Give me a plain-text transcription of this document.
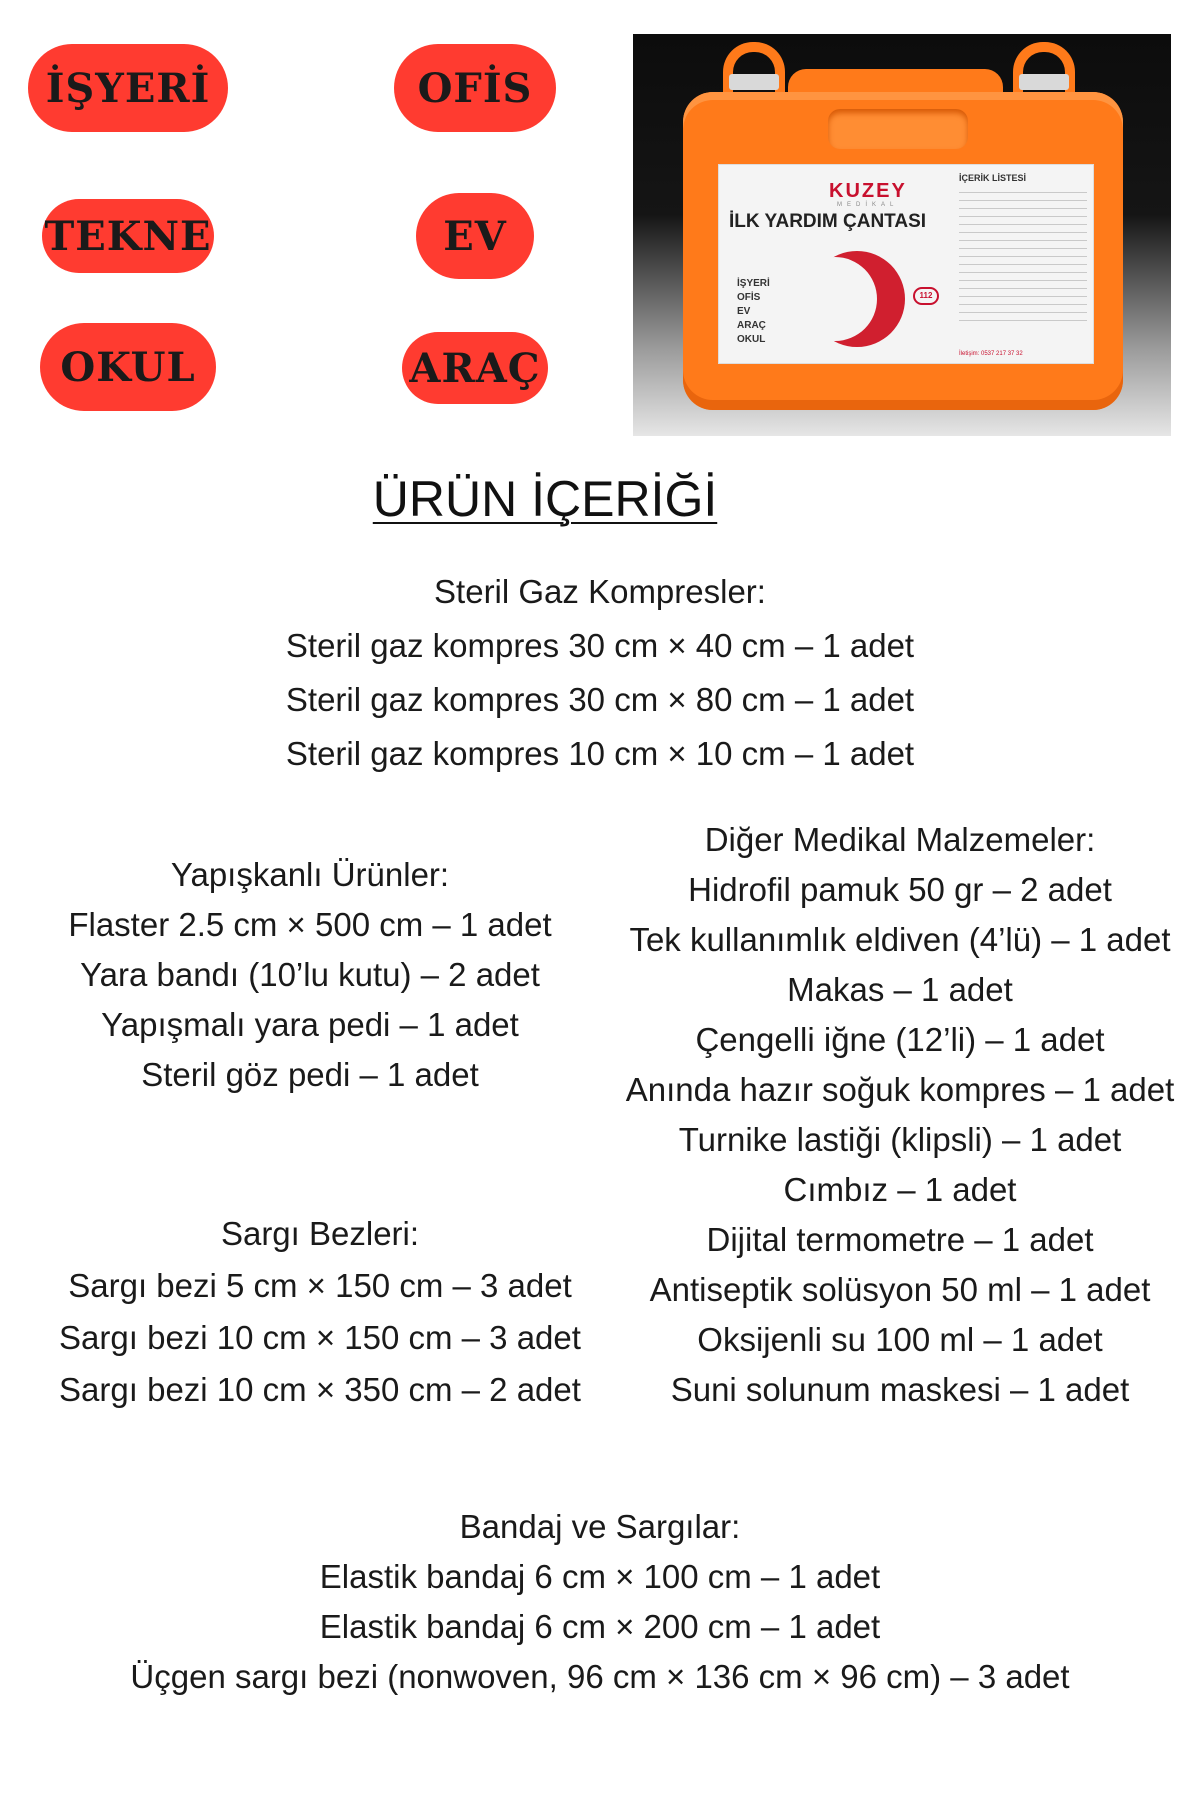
İŞYERİ	OFİS
TEKNE	EV
OKUL	ARAÇ
KUZEY
MEDİKAL
İLK YARDIM ÇANTASI
İŞYERİ
OFİS
EV
ARAÇ
OKUL
112
İÇERİK LİSTESİ
İletişim: 0537 217 37 32
ÜRÜN İÇERİĞİ
Steril Gaz Kompresler:
Steril gaz kompres 30 cm × 40 cm – 1 adet
Steril gaz kompres 30 cm × 80 cm – 1 adet
Steril gaz kompres 10 cm × 10 cm – 1 adet
Yapışkanlı Ürünler:
Flaster 2.5 cm × 500 cm – 1 adet
Yara bandı (10’lu kutu) – 2 adet
Yapışmalı yara pedi – 1 adet
Steril göz pedi – 1 adet
Diğer Medikal Malzemeler:
Hidrofil pamuk 50 gr – 2 adet
Tek kullanımlık eldiven (4’lü) – 1 adet
Makas – 1 adet
Çengelli iğne (12’li) – 1 adet
Anında hazır soğuk kompres – 1 adet
Turnike lastiği (klipsli) – 1 adet
Cımbız – 1 adet
Dijital termometre – 1 adet
Antiseptik solüsyon 50 ml – 1 adet
Oksijenli su 100 ml – 1 adet
Suni solunum maskesi – 1 adet
Sargı Bezleri:
Sargı bezi 5 cm × 150 cm – 3 adet
Sargı bezi 10 cm × 150 cm – 3 adet
Sargı bezi 10 cm × 350 cm – 2 adet
Bandaj ve Sargılar:
Elastik bandaj 6 cm × 100 cm – 1 adet
Elastik bandaj 6 cm × 200 cm – 1 adet
Üçgen sargı bezi (nonwoven, 96 cm × 136 cm × 96 cm) – 3 adet
